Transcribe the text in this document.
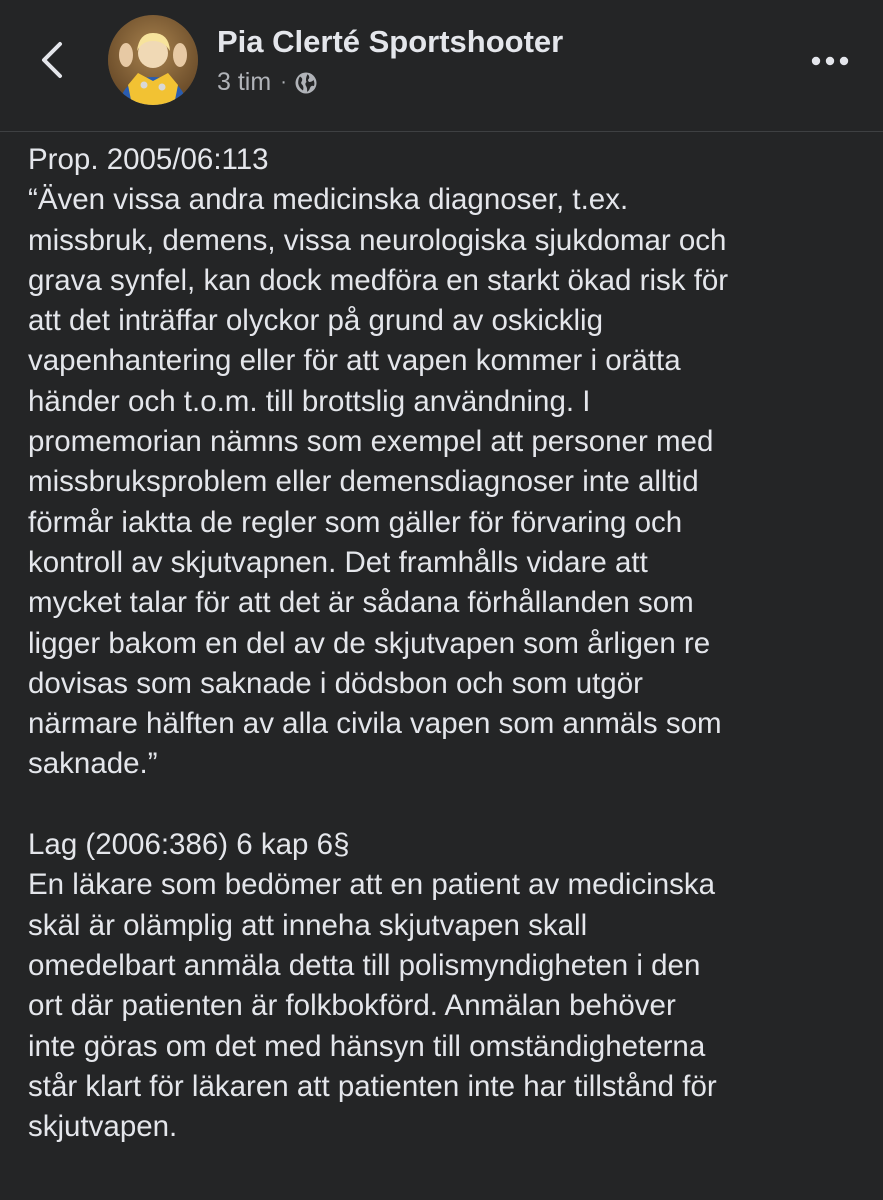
Pia Clerté Sportshooter
3 tim ·
Prop. 2005/06:113
“Även vissa andra medicinska diagnoser, t.ex.
missbruk, demens, vissa neurologiska sjukdomar och
grava synfel, kan dock medföra en starkt ökad risk för
att det inträffar olyckor på grund av oskicklig
vapenhantering eller för att vapen kommer i orätta
händer och t.o.m. till brottslig användning. I
promemorian nämns som exempel att personer med
missbruksproblem eller demensdiagnoser inte alltid
förmår iaktta de regler som gäller för förvaring och
kontroll av skjutvapnen. Det framhålls vidare att
mycket talar för att det är sådana förhållanden som
ligger bakom en del av de skjutvapen som årligen re
dovisas som saknade i dödsbon och som utgör
närmare hälften av alla civila vapen som anmäls som
saknade.”
Lag (2006:386) 6 kap 6§
En läkare som bedömer att en patient av medicinska
skäl är olämplig att inneha skjutvapen skall
omedelbart anmäla detta till polismyndigheten i den
ort där patienten är folkbokförd. Anmälan behöver
inte göras om det med hänsyn till omständigheterna
står klart för läkaren att patienten inte har tillstånd för
skjutvapen.
